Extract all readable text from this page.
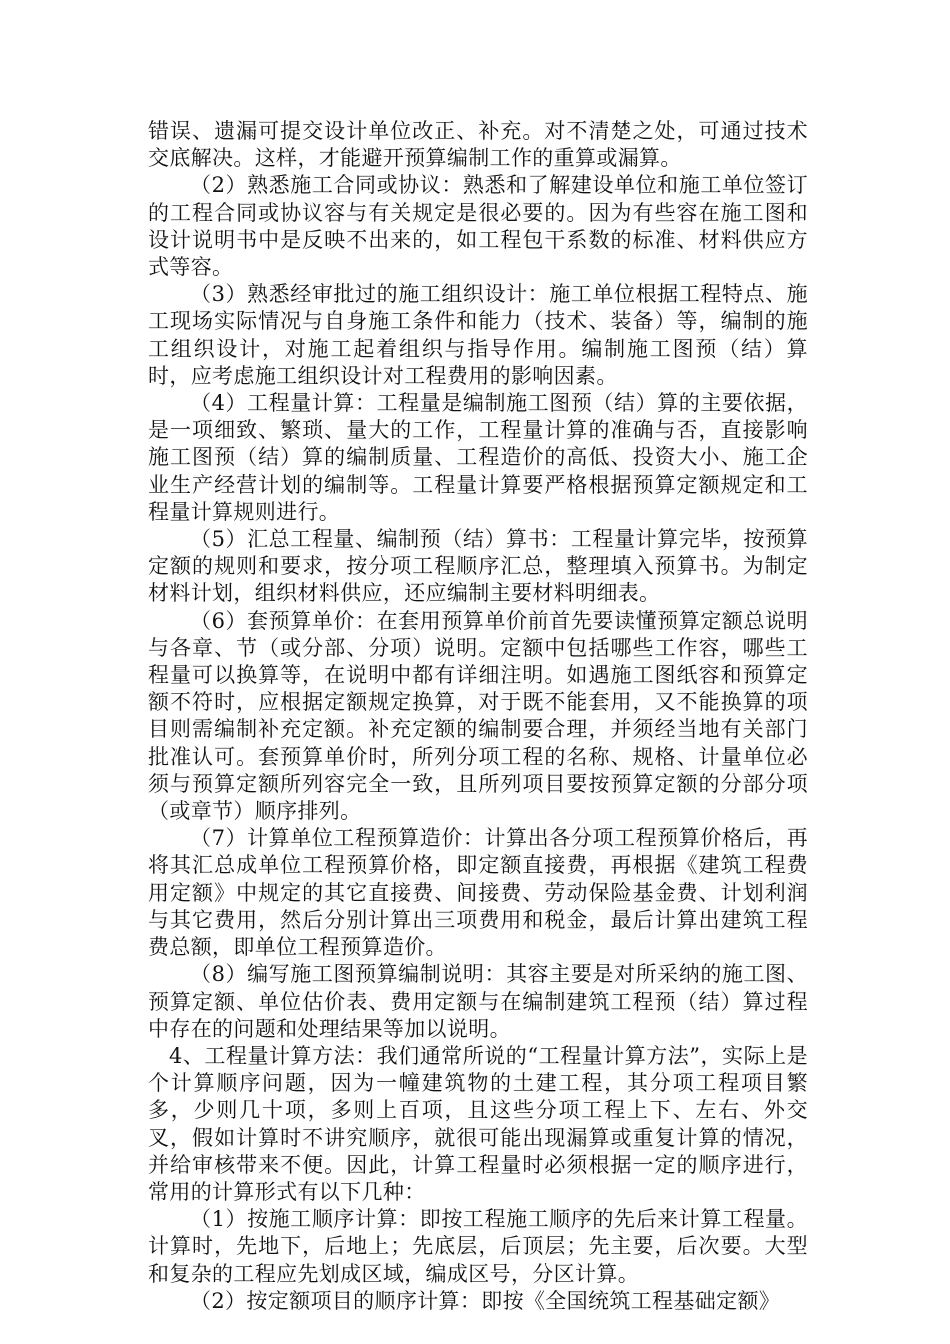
错误、遗漏可提交设计单位改正、补充。对不清楚之处，可通过技术交底解决。这样，才能避开预算编制工作的重算或漏算。

（2）熟悉施工合同或协议：熟悉和了解建设单位和施工单位签订的工程合同或协议容与有关规定是很必要的。因为有些容在施工图和设计说明书中是反映不出来的，如工程包干系数的标准、材料供应方式等容。

（3）熟悉经审批过的施工组织设计：施工单位根据工程特点、施工现场实际情况与自身施工条件和能力（技术、装备）等，编制的施工组织设计，对施工起着组织与指导作用。编制施工图预（结）算时，应考虑施工组织设计对工程费用的影响因素。

（4）工程量计算：工程量是编制施工图预（结）算的主要依据，是一项细致、繁琐、量大的工作，工程量计算的准确与否，直接影响施工图预（结）算的编制质量、工程造价的高低、投资大小、施工企业生产经营计划的编制等。工程量计算要严格根据预算定额规定和工程量计算规则进行。

（5）汇总工程量、编制预（结）算书：工程量计算完毕，按预算定额的规则和要求，按分项工程顺序汇总，整理填入预算书。为制定材料计划，组织材料供应，还应编制主要材料明细表。

（6）套预算单价：在套用预算单价前首先要读懂预算定额总说明与各章、节（或分部、分项）说明。定额中包括哪些工作容，哪些工程量可以换算等，在说明中都有详细注明。如遇施工图纸容和预算定额不符时，应根据定额规定换算，对于既不能套用，又不能换算的项目则需编制补充定额。补充定额的编制要合理，并须经当地有关部门批准认可。套预算单价时，所列分项工程的名称、规格、计量单位必须与预算定额所列容完全一致，且所列项目要按预算定额的分部分项（或章节）顺序排列。

（7）计算单位工程预算造价：计算出各分项工程预算价格后，再将其汇总成单位工程预算价格，即定额直接费，再根据《建筑工程费用定额》中规定的其它直接费、间接费、劳动保险基金费、计划利润与其它费用，然后分别计算出三项费用和税金，最后计算出建筑工程费总额，即单位工程预算造价。

（8）编写施工图预算编制说明：其容主要是对所采纳的施工图、预算定额、单位估价表、费用定额与在编制建筑工程预（结）算过程中存在的问题和处理结果等加以说明。

4、工程量计算方法：我们通常所说的“工程量计算方法”，实际上是个计算顺序问题，因为一幢建筑物的土建工程，其分项工程项目繁多，少则几十项，多则上百项，且这些分项工程上下、左右、外交叉，假如计算时不讲究顺序，就很可能出现漏算或重复计算的情况，并给审核带来不便。因此，计算工程量时必须根据一定的顺序进行，常用的计算形式有以下几种：

（1）按施工顺序计算：即按工程施工顺序的先后来计算工程量。计算时，先地下，后地上；先底层，后顶层；先主要，后次要。大型和复杂的工程应先划成区域，编成区号，分区计算。

（2）按定额项目的顺序计算：即按《全国统筑工程基础定额》
